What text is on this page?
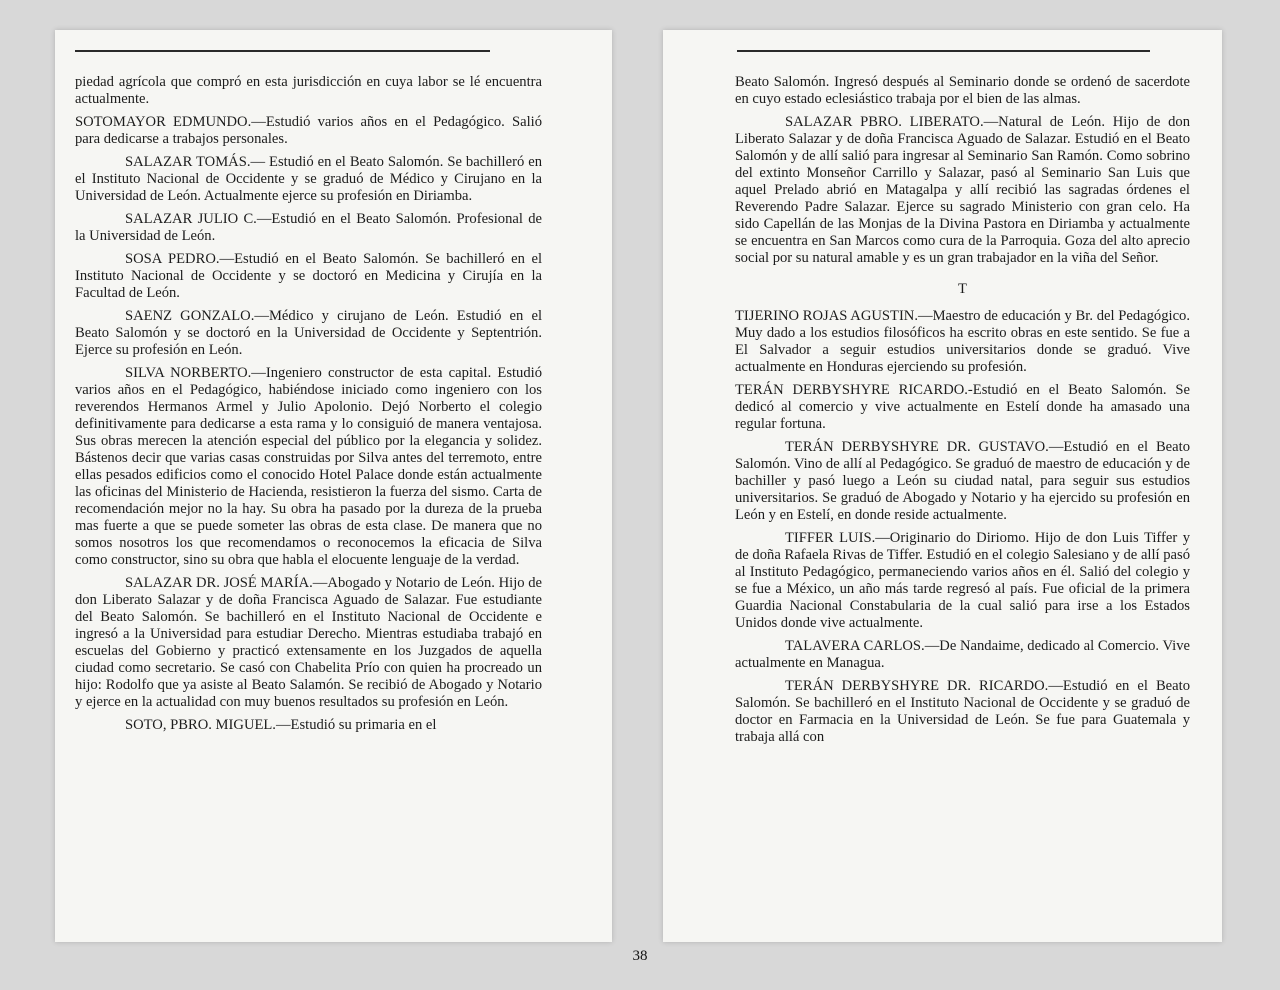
piedad agrícola que compró en esta jurisdicción en cuya labor se lé encuentra actualmente.

SOTOMAYOR EDMUNDO.—Estudió varios años en el Pedagógico. Salió para dedicarse a trabajos personales.

SALAZAR TOMÁS.— Estudió en el Beato Salomón. Se bachilleró en el Instituto Nacional de Occidente y se graduó de Médico y Cirujano en la Universidad de León. Actualmente ejerce su profesión en Diriamba.

SALAZAR JULIO C.—Estudió en el Beato Salomón. Profesional de la Universidad de León.

SOSA PEDRO.—Estudió en el Beato Salomón. Se bachilleró en el Instituto Nacional de Occidente y se doctoró en Medicina y Cirujía en la Facultad de León.

SAENZ GONZALO.—Médico y cirujano de León. Estudió en el Beato Salomón y se doctoró en la Universidad de Occidente y Septentrión. Ejerce su profesión en León.

SILVA NORBERTO.—Ingeniero constructor de esta capital. Estudió varios años en el Pedagógico, habiéndose iniciado como ingeniero con los reverendos Hermanos Armel y Julio Apolonio. Dejó Norberto el colegio definitivamente para dedicarse a esta rama y lo consiguió de manera ventajosa. Sus obras merecen la atención especial del público por la elegancia y solidez. Bástenos decir que varias casas construidas por Silva antes del terremoto, entre ellas pesados edificios como el conocido Hotel Palace donde están actualmente las oficinas del Ministerio de Hacienda, resistieron la fuerza del sismo. Carta de recomendación mejor no la hay. Su obra ha pasado por la dureza de la prueba mas fuerte a que se puede someter las obras de esta clase. De manera que no somos nosotros los que recomendamos o reconocemos la eficacia de Silva como constructor, sino su obra que habla el elocuente lenguaje de la verdad.

SALAZAR DR. JOSÉ MARÍA.—Abogado y Notario de León. Hijo de don Liberato Salazar y de doña Francisca Aguado de Salazar. Fue estudiante del Beato Salomón. Se bachilleró en el Instituto Nacional de Occidente e ingresó a la Universidad para estudiar Derecho. Mientras estudiaba trabajó en escuelas del Gobierno y practicó extensamente en los Juzgados de aquella ciudad como secretario. Se casó con Chabelita Prío con quien ha procreado un hijo: Rodolfo que ya asiste al Beato Salamón. Se recibió de Abogado y Notario y ejerce en la actualidad con muy buenos resultados su profesión en León.

SOTO, PBRO. MIGUEL.—Estudió su primaria en el

Beato Salomón. Ingresó después al Seminario donde se ordenó de sacerdote en cuyo estado eclesiástico trabaja por el bien de las almas.

SALAZAR PBRO. LIBERATO.—Natural de León. Hijo de don Liberato Salazar y de doña Francisca Aguado de Salazar. Estudió en el Beato Salomón y de allí salió para ingresar al Seminario San Ramón. Como sobrino del extinto Monseñor Carrillo y Salazar, pasó al Seminario San Luis que aquel Prelado abrió en Matagalpa y allí recibió las sagradas órdenes el Reverendo Padre Salazar. Ejerce su sagrado Ministerio con gran celo. Ha sido Capellán de las Monjas de la Divina Pastora en Diriamba y actualmente se encuentra en San Marcos como cura de la Parroquia. Goza del alto aprecio social por su natural amable y es un gran trabajador en la viña del Señor.

T

TIJERINO ROJAS AGUSTIN.—Maestro de educación y Br. del Pedagógico. Muy dado a los estudios filosóficos ha escrito obras en este sentido. Se fue a El Salvador a seguir estudios universitarios donde se graduó. Vive actualmente en Honduras ejerciendo su profesión.

TERÁN DERBYSHYRE RICARDO.-Estudió en el Beato Salomón. Se dedicó al comercio y vive actualmente en Estelí donde ha amasado una regular fortuna.

TERÁN DERBYSHYRE DR. GUSTAVO.—Estudió en el Beato Salomón. Vino de allí al Pedagógico. Se graduó de maestro de educación y de bachiller y pasó luego a León su ciudad natal, para seguir sus estudios universitarios. Se graduó de Abogado y Notario y ha ejercido su profesión en León y en Estelí, en donde reside actualmente.

TIFFER LUIS.—Originario do Diriomo. Hijo de don Luis Tiffer y de doña Rafaela Rivas de Tiffer. Estudió en el colegio Salesiano y de allí pasó al Instituto Pedagógico, permaneciendo varios años en él. Salió del colegio y se fue a México, un año más tarde regresó al país. Fue oficial de la primera Guardia Nacional Constabularia de la cual salió para irse a los Estados Unidos donde vive actualmente.

TALAVERA CARLOS.—De Nandaime, dedicado al Comercio. Vive actualmente en Managua.

TERÁN DERBYSHYRE DR. RICARDO.—Estudió en el Beato Salomón. Se bachilleró en el Instituto Nacional de Occidente y se graduó de doctor en Farmacia en la Universidad de León. Se fue para Guatemala y trabaja allá con

38
